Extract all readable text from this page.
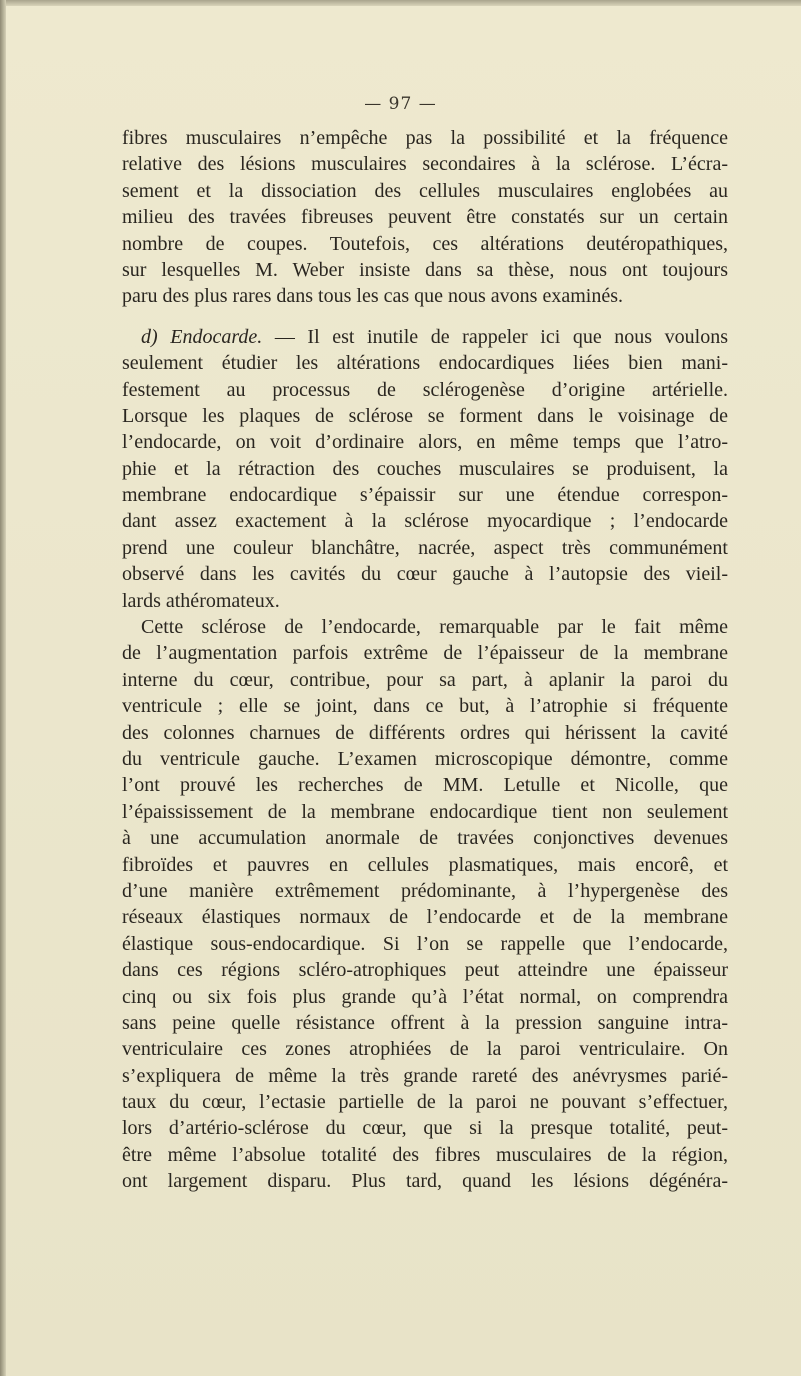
— 97 —

fibres musculaires n’empêche pas la possibilité et la fréquence
relative des lésions musculaires secondaires à la sclérose. L’écra-
sement et la dissociation des cellules musculaires englobées au
milieu des travées fibreuses peuvent être constatés sur un certain
nombre de coupes. Toutefois, ces altérations deutéropathiques,
sur lesquelles M. Weber insiste dans sa thèse, nous ont toujours
paru des plus rares dans tous les cas que nous avons examinés.

d) Endocarde. — Il est inutile de rappeler ici que nous voulons
seulement étudier les altérations endocardiques liées bien mani-
festement au processus de sclérogenèse d’origine artérielle.
Lorsque les plaques de sclérose se forment dans le voisinage de
l’endocarde, on voit d’ordinaire alors, en même temps que l’atro-
phie et la rétraction des couches musculaires se produisent, la
membrane endocardique s’épaissir sur une étendue correspon-
dant assez exactement à la sclérose myocardique ; l’endocarde
prend une couleur blanchâtre, nacrée, aspect très communément
observé dans les cavités du cœur gauche à l’autopsie des vieil-
lards athéromateux.

Cette sclérose de l’endocarde, remarquable par le fait même
de l’augmentation parfois extrême de l’épaisseur de la membrane
interne du cœur, contribue, pour sa part, à aplanir la paroi du
ventricule ; elle se joint, dans ce but, à l’atrophie si fréquente
des colonnes charnues de différents ordres qui hérissent la cavité
du ventricule gauche. L’examen microscopique démontre, comme
l’ont prouvé les recherches de MM. Letulle et Nicolle, que
l’épaississement de la membrane endocardique tient non seulement
à une accumulation anormale de travées conjonctives devenues
fibroïdes et pauvres en cellules plasmatiques, mais encorê, et
d’une manière extrêmement prédominante, à l’hypergenèse des
réseaux élastiques normaux de l’endocarde et de la membrane
élastique sous-endocardique. Si l’on se rappelle que l’endocarde,
dans ces régions scléro-atrophiques peut atteindre une épaisseur
cinq ou six fois plus grande qu’à l’état normal, on comprendra
sans peine quelle résistance offrent à la pression sanguine intra-
ventriculaire ces zones atrophiées de la paroi ventriculaire. On
s’expliquera de même la très grande rareté des anévrysmes parié-
taux du cœur, l’ectasie partielle de la paroi ne pouvant s’effectuer,
lors d’artério-sclérose du cœur, que si la presque totalité, peut-
être même l’absolue totalité des fibres musculaires de la région,
ont largement disparu. Plus tard, quand les lésions dégénéra-
